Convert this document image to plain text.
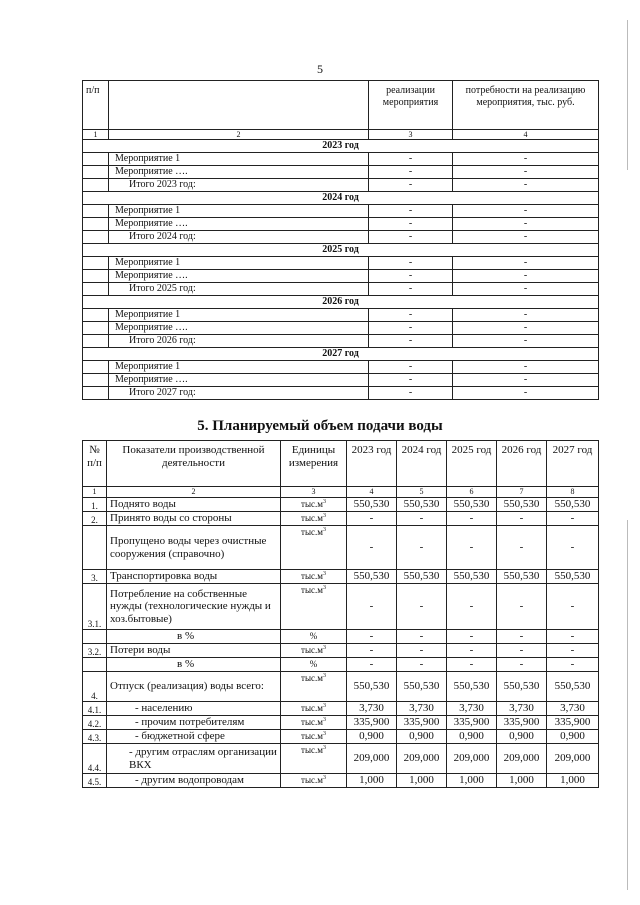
5
п/п		реализации мероприятия	потребности на реализацию мероприятия, тыс. руб.
1	2	3	4
2023 год			
	Мероприятие 1	-	-
	Мероприятие ….	-	-
	Итого 2023 год:	-	-
2024 год			
	Мероприятие 1	-	-
	Мероприятие ….	-	-
	Итого 2024 год:	-	-
2025 год			
	Мероприятие 1	-	-
	Мероприятие ….	-	-
	Итого 2025 год:	-	-
2026 год			
	Мероприятие 1	-	-
	Мероприятие ….	-	-
	Итого 2026 год:	-	-
2027 год			
	Мероприятие 1	-	-
	Мероприятие ….	-	-
	Итого 2027 год:	-	-
5. Планируемый объем подачи воды
№ п/п	Показатели производственной деятельности	Единицы измерения	2023 год	2024 год	2025 год	2026 год	2027 год
1	2	3	4	5	6	7	8
1.	Поднято воды	$тыс.м^3$	550,530	550,530	550,530	550,530	550,530
2.	Принято воды со стороны	$тыс.м^3$	-	-	-	-	-
	Пропущено воды через очистные сооружения (справочно)	$тыс.м^3$	-	-	-	-	-
3.	Транспортировка воды	$тыс.м^3$	550,530	550,530	550,530	550,530	550,530
3.1.	Потребление на собственные нужды (технологические нужды и хоз.бытовые)	$тыс.м^3$	-	-	-	-	-
	в %	%	-	-	-	-	-
3.2.	Потери воды	$тыс.м^3$	-	-	-	-	-
	в %	%	-	-	-	-	-
4.	Отпуск (реализация) воды всего:	$тыс.м^3$	550,530	550,530	550,530	550,530	550,530
4.1.	- населению	$тыс.м^3$	3,730	3,730	3,730	3,730	3,730
4.2.	- прочим потребителям	$тыс.м^3$	335,900	335,900	335,900	335,900	335,900
4.3.	- бюджетной сфере	$тыс.м^3$	0,900	0,900	0,900	0,900	0,900
4.4.	- другим отраслям организации ВКХ	$тыс.м^3$	209,000	209,000	209,000	209,000	209,000
4.5.	- другим водопроводам	$тыс.м^3$	1,000	1,000	1,000	1,000	1,000
